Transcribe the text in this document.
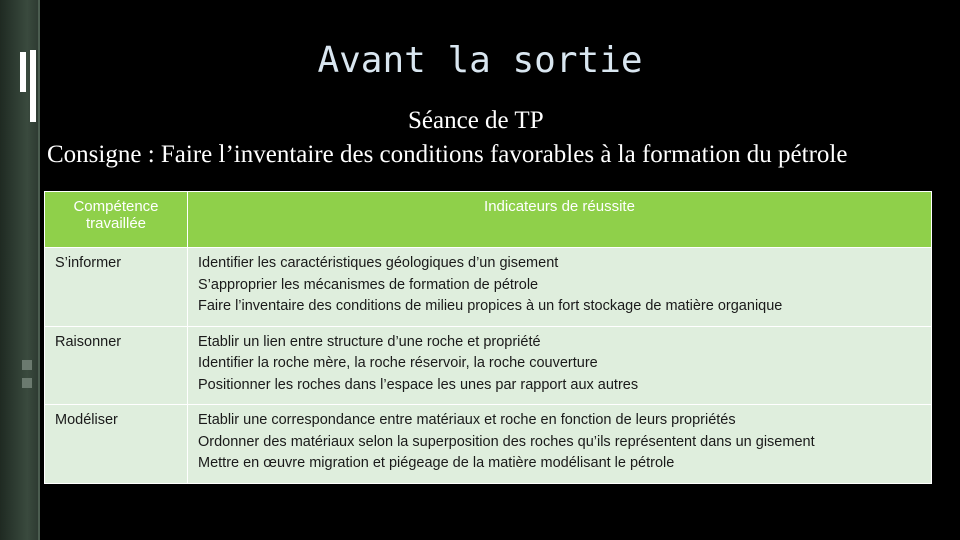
Avant la sortie
Séance de TP
Consigne : Faire l’inventaire des conditions favorables à la formation du pétrole
Compétence travaillée	Indicateurs de réussite
S’informer	Identifier les caractéristiques géologiques d’un gisement
S’approprier les mécanismes de formation de pétrole
Faire l’inventaire des conditions de milieu propices à un fort stockage de matière organique

Raisonner	Etablir un lien entre structure d’une roche et propriété
Identifier la roche mère, la roche réservoir, la roche couverture
Positionner les roches dans l’espace les unes par rapport aux autres

Modéliser	Etablir une correspondance entre matériaux et roche en fonction de leurs propriétés
Ordonner des matériaux selon la superposition des roches qu’ils représentent dans un gisement
Mettre en œuvre migration et piégeage de la matière modélisant le pétrole
